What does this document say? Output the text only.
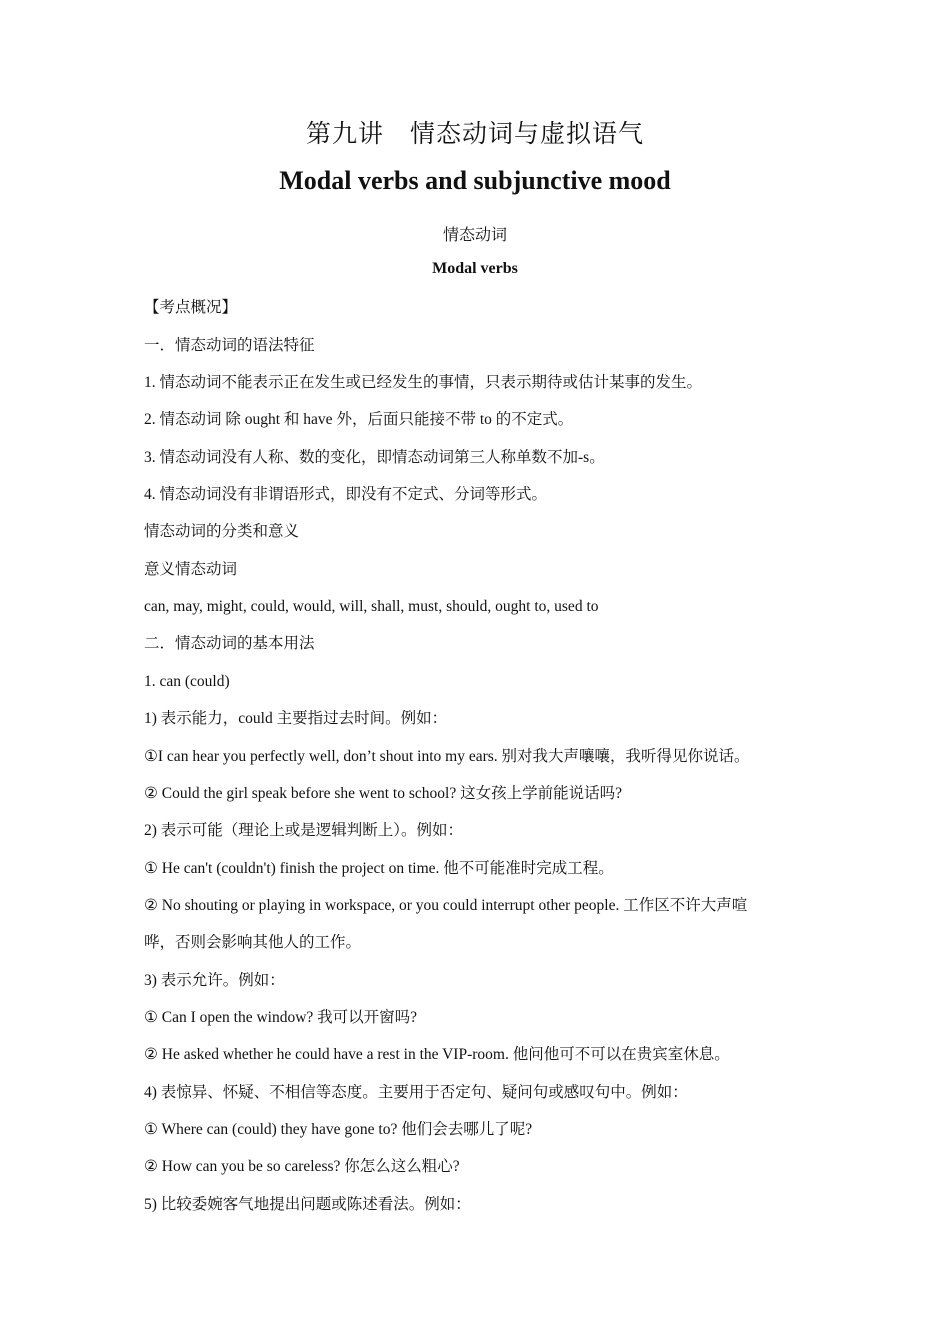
第九讲　情态动词与虚拟语气
Modal verbs and subjunctive mood
情态动词
Modal verbs
【考点概况】
一．情态动词的语法特征
1. 情态动词不能表示正在发生或已经发生的事情，只表示期待或估计某事的发生。
2. 情态动词 除 ought 和 have 外，后面只能接不带 to 的不定式。
3. 情态动词没有人称、数的变化，即情态动词第三人称单数不加-s。
4. 情态动词没有非谓语形式，即没有不定式、分词等形式。
情态动词的分类和意义
意义情态动词
can, may, might, could, would, will, shall, must, should, ought to, used to
二．情态动词的基本用法
1. can (could)
1) 表示能力，could 主要指过去时间。例如：
①I can hear you perfectly well, don’t shout into my ears. 别对我大声嚷嚷，我听得见你说话。
② Could the girl speak before she went to school? 这女孩上学前能说话吗?
2) 表示可能（理论上或是逻辑判断上）。例如：
① He can't (couldn't) finish the project on time. 他不可能准时完成工程。
② No shouting or playing in workspace, or you could interrupt other people. 工作区不许大声喧
哗，否则会影响其他人的工作。
3) 表示允许。例如：
① Can I open the window? 我可以开窗吗?
② He asked whether he could have a rest in the VIP-room. 他问他可不可以在贵宾室休息。
4) 表惊异、怀疑、不相信等态度。主要用于否定句、疑问句或感叹句中。例如：
① Where can (could) they have gone to? 他们会去哪儿了呢?
② How can you be so careless? 你怎么这么粗心?
5) 比较委婉客气地提出问题或陈述看法。例如：
